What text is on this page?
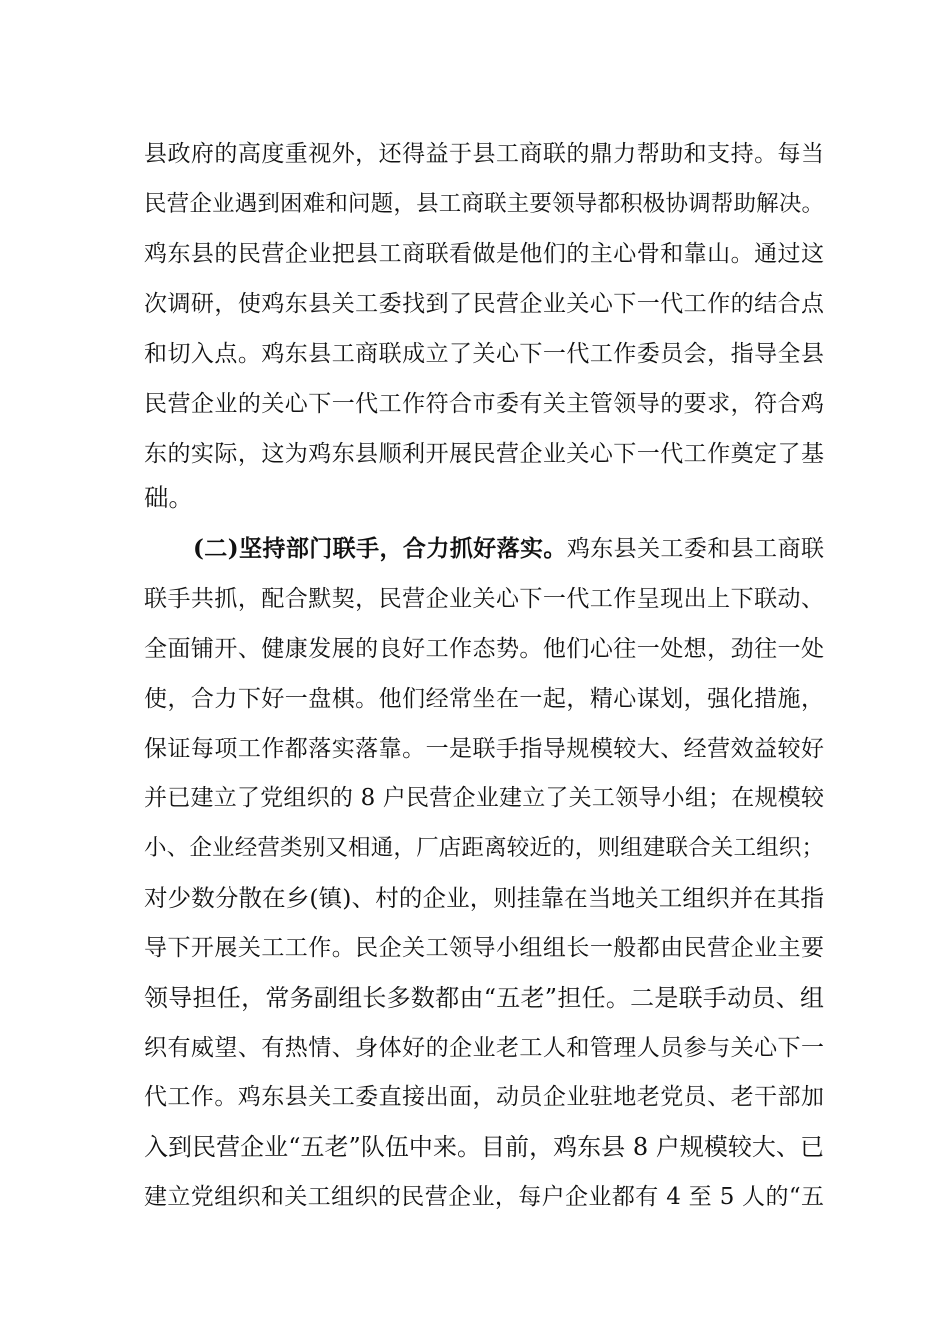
县政府的高度重视外，还得益于县工商联的鼎力帮助和支持。每当
民营企业遇到困难和问题，县工商联主要领导都积极协调帮助解决。
鸡东县的民营企业把县工商联看做是他们的主心骨和靠山。通过这
次调研，使鸡东县关工委找到了民营企业关心下一代工作的结合点
和切入点。鸡东县工商联成立了关心下一代工作委员会，指导全县
民营企业的关心下一代工作符合市委有关主管领导的要求，符合鸡
东的实际，这为鸡东县顺利开展民营企业关心下一代工作奠定了基
础。
(二)坚持部门联手，合力抓好落实。鸡东县关工委和县工商联
联手共抓，配合默契，民营企业关心下一代工作呈现出上下联动、
全面铺开、健康发展的良好工作态势。他们心往一处想，劲往一处
使，合力下好一盘棋。他们经常坐在一起，精心谋划，强化措施，
保证每项工作都落实落靠。一是联手指导规模较大、经营效益较好
并已建立了党组织的 8 户民营企业建立了关工领导小组；在规模较
小、企业经营类别又相通，厂店距离较近的，则组建联合关工组织；
对少数分散在乡(镇)、村的企业，则挂靠在当地关工组织并在其指
导下开展关工工作。民企关工领导小组组长一般都由民营企业主要
领导担任，常务副组长多数都由“五老”担任。二是联手动员、组
织有威望、有热情、身体好的企业老工人和管理人员参与关心下一
代工作。鸡东县关工委直接出面，动员企业驻地老党员、老干部加
入到民营企业“五老”队伍中来。目前，鸡东县 8 户规模较大、已
建立党组织和关工组织的民营企业，每户企业都有 4 至 5 人的“五
